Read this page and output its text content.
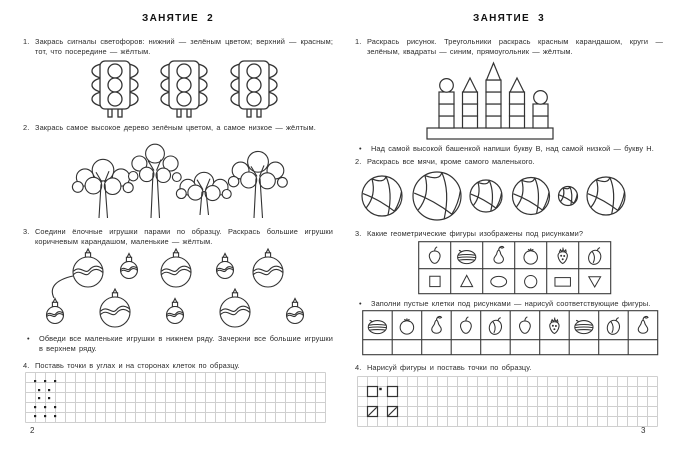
ЗАНЯТИЕ 2
1. Закрась сигналы светофоров: нижний — зелёным цветом; верхний — красным; тот, что посередине — жёлтым.
2. Закрась самое высокое дерево зелёным цветом, а самое низкое — жёлтым.
3. Соедини ёлочные игрушки парами по образцу. Раскрась большие игрушки коричневым карандашом, маленькие — жёлтым.
•	Обведи все маленькие игрушки в нижнем ряду. Зачеркни все большие игрушки в верхнем ряду.
4. Поставь точки в углах и на сторонах клеток по образцу.
2
ЗАНЯТИЕ 3
1. Раскрась рисунок. Треугольники раскрась красным карандашом, круги — зелёным, квадраты — синим, прямоугольник — жёлтым.
•	Над самой высокой башенкой напиши букву В, над самой низкой — букву Н.
2. Раскрась все мячи, кроме самого маленького.
3. Какие геометрические фигуры изображены под рисунками?
•	Заполни пустые клетки под рисунками — нарисуй соответствующие фигуры.
4. Нарисуй фигуры и поставь точки по образцу.
3
